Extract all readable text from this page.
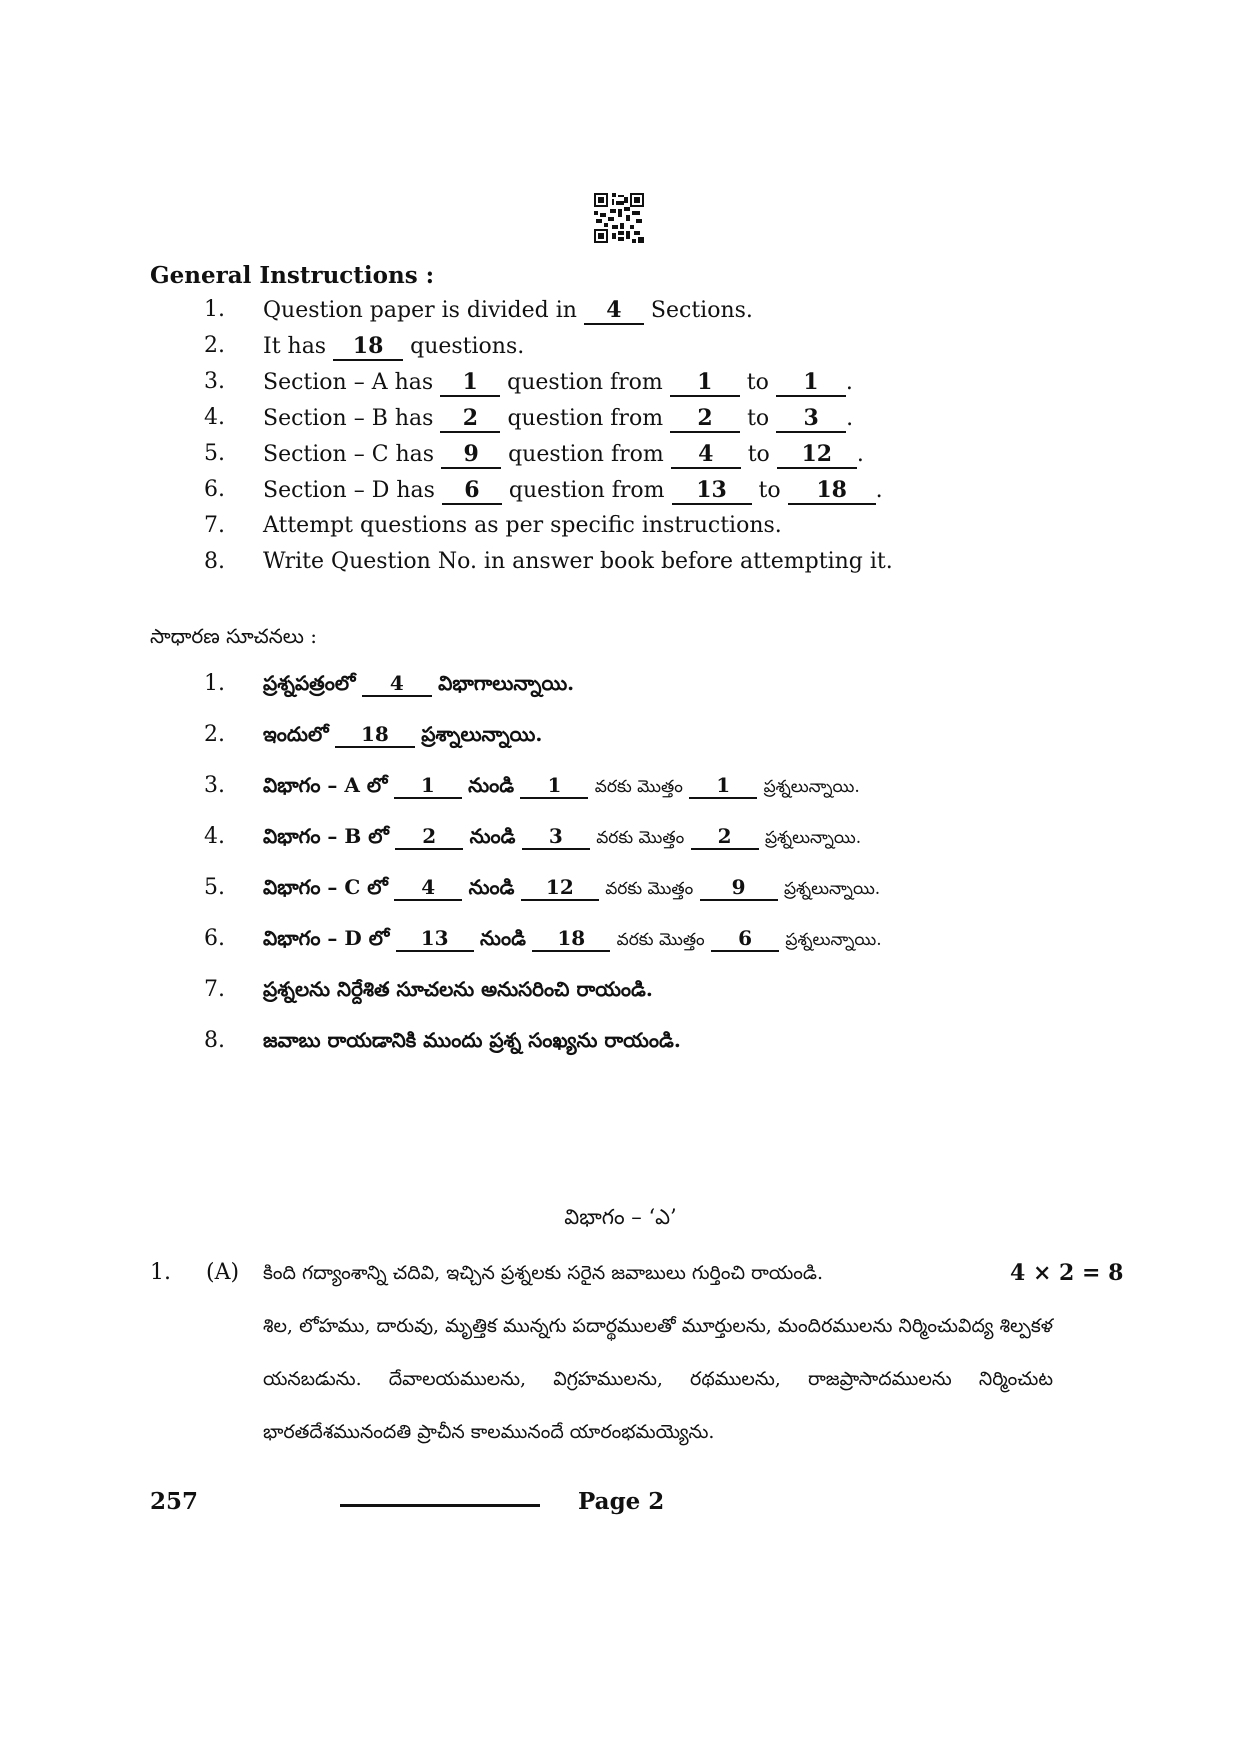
General Instructions :
1.	Question paper is divided in 4 Sections.
2.	It has 18 questions.
3.	Section – A has 1 question from 1 to 1 .
4.	Section – B has 2 question from 2 to 3 .
5.	Section – C has 9 question from 4 to 12 .
6.	Section – D has 6 question from 13 to 18 .
7.	Attempt questions as per specific instructions.
8.	Write Question No. in answer book before attempting it.
సాధారణ సూచనలు :
1.	ప్రశ్నపత్రంలో 4 విభాగాలున్నాయి.
2.	ఇందులో 18 ప్రశ్నాలున్నాయి.
3.	విభాగం – A లో 1 నుండి 1 వరకు మొత్తం 1 ప్రశ్నలున్నాయి.
4.	విభాగం – B లో 2 నుండి 3 వరకు మొత్తం 2 ప్రశ్నలున్నాయి.
5.	విభాగం – C లో 4 నుండి 12 వరకు మొత్తం 9 ప్రశ్నలున్నాయి.
6.	విభాగం – D లో 13 నుండి 18 వరకు మొత్తం 6 ప్రశ్నలున్నాయి.
7.	ప్రశ్నలను నిర్దేశిత సూచలను అనుసరించి రాయండి.
8.	జవాబు రాయడానికి ముందు ప్రశ్న సంఖ్యను రాయండి.
విభాగం – ‘ఎ’
1. (A) కింది గద్యాంశాన్ని చదివి, ఇచ్చిన ప్రశ్నలకు సరైన జవాబులు గుర్తించి రాయండి.	4 × 2 = 8

శిల, లోహము, దారువు, మృత్తిక మున్నగు పదార్థములతో మూర్తులను, మందిరములను నిర్మించువిద్య శిల్పకళ యనబడును. దేవాలయములను, విగ్రహములను, రథములను, రాజప్రాసాదములను నిర్మించుట భారతదేశమునందతి ప్రాచీన కాలమునందే యారంభమయ్యెను.

257	Page 2
